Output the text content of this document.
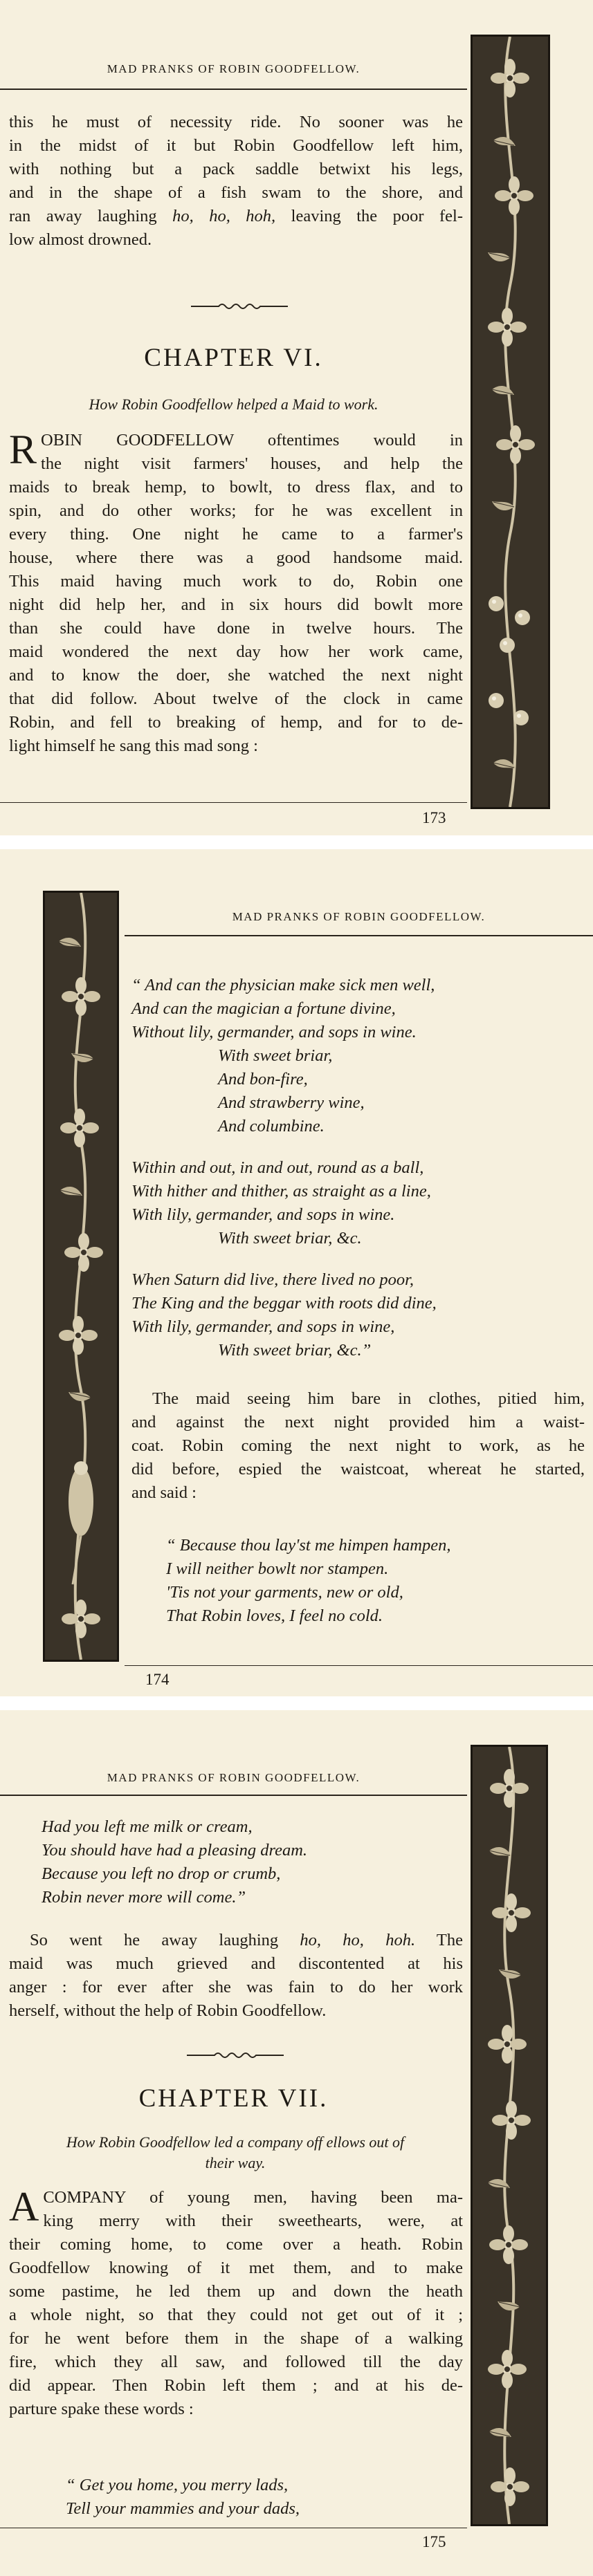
MAD PRANKS OF ROBIN GOODFELLOW.
this he must of necessity ride. No sooner was he
in the midst of it but Robin Goodfellow left him,
with nothing but a pack saddle betwixt his legs,
and in the shape of a fish swam to the shore, and
ran away laughing ho, ho, hoh, leaving the poor fel-
low almost drowned.
CHAPTER VI.
How Robin Goodfellow helped a Maid to work.
ROBIN GOODFELLOW oftentimes would in
the night visit farmers' houses, and help the
maids to break hemp, to bowlt, to dress flax, and to
spin, and do other works; for he was excellent in
every thing. One night he came to a farmer's
house, where there was a good handsome maid.
This maid having much work to do, Robin one
night did help her, and in six hours did bowlt more
than she could have done in twelve hours. The
maid wondered the next day how her work came,
and to know the doer, she watched the next night
that did follow. About twelve of the clock in came
Robin, and fell to breaking of hemp, and for to de-
light himself he sang this mad song :
173
MAD PRANKS OF ROBIN GOODFELLOW.
“ And can the physician make sick men well,
And can the magician a fortune divine,
Without lily, germander, and sops in wine.
With sweet briar,
And bon-fire,
And strawberry wine,
And columbine.
Within and out, in and out, round as a ball,
With hither and thither, as straight as a line,
With lily, germander, and sops in wine.
With sweet briar, &c.
When Saturn did live, there lived no poor,
The King and the beggar with roots did dine,
With lily, germander, and sops in wine,
With sweet briar, &c.”
The maid seeing him bare in clothes, pitied him,
and against the next night provided him a waist-
coat. Robin coming the next night to work, as he
did before, espied the waistcoat, whereat he started,
and said :
“ Because thou lay'st me himpen hampen,
I will neither bowlt nor stampen.
'Tis not your garments, new or old,
That Robin loves, I feel no cold.
174
MAD PRANKS OF ROBIN GOODFELLOW.
Had you left me milk or cream,
You should have had a pleasing dream.
Because you left no drop or crumb,
Robin never more will come.”
So went he away laughing ho, ho, hoh. The
maid was much grieved and discontented at his
anger : for ever after she was fain to do her work
herself, without the help of Robin Goodfellow.
CHAPTER VII.
How Robin Goodfellow led a company off ellows out of
their way.
ACOMPANY of young men, having been ma-
king merry with their sweethearts, were, at
their coming home, to come over a heath. Robin
Goodfellow knowing of it met them, and to make
some pastime, he led them up and down the heath
a whole night, so that they could not get out of it ;
for he went before them in the shape of a walking
fire, which they all saw, and followed till the day
did appear. Then Robin left them ; and at his de-
parture spake these words :
“ Get you home, you merry lads,
Tell your mammies and your dads,
175
